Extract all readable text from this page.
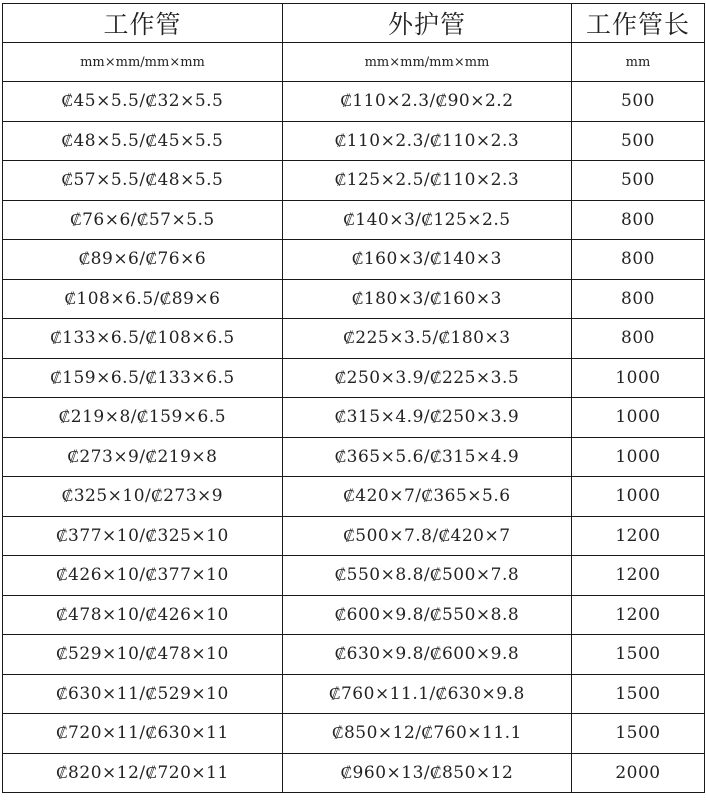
工作管	外护管	工作管长
mm×mm/mm×mm	mm×mm/mm×mm	mm
₡45×5.5/₡32×5.5	₡110×2.3/₡90×2.2	500
₡48×5.5/₡45×5.5	₡110×2.3/₡110×2.3	500
₡57×5.5/₡48×5.5	₡125×2.5/₡110×2.3	500
₡76×6/₡57×5.5	₡140×3/₡125×2.5	800
₡89×6/₡76×6	₡160×3/₡140×3	800
₡108×6.5/₡89×6	₡180×3/₡160×3	800
₡133×6.5/₡108×6.5	₡225×3.5/₡180×3	800
₡159×6.5/₡133×6.5	₡250×3.9/₡225×3.5	1000
₡219×8/₡159×6.5	₡315×4.9/₡250×3.9	1000
₡273×9/₡219×8	₡365×5.6/₡315×4.9	1000
₡325×10/₡273×9	₡420×7/₡365×5.6	1000
₡377×10/₡325×10	₡500×7.8/₡420×7	1200
₡426×10/₡377×10	₡550×8.8/₡500×7.8	1200
₡478×10/₡426×10	₡600×9.8/₡550×8.8	1200
₡529×10/₡478×10	₡630×9.8/₡600×9.8	1500
₡630×11/₡529×10	₡760×11.1/₡630×9.8	1500
₡720×11/₡630×11	₡850×12/₡760×11.1	1500
₡820×12/₡720×11	₡960×13/₡850×12	2000
